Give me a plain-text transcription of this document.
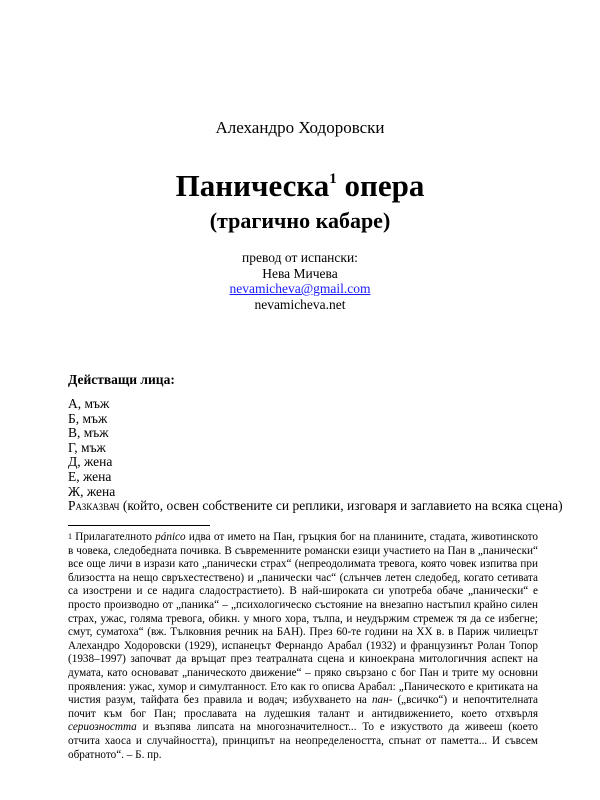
Алехандро Ходоровски
Паническа$^1$ опера
(трагично кабаре)
превод от испански:
Нева Мичева
nevamicheva@gmail.com
nevamicheva.net
Действащи лица:
А, мъж
Б, мъж
В, мъж
Г, мъж
Д, жена
Е, жена
Ж, жена
Разказвач (който, освен собствените си реплики, изговаря и заглавието на всяка сцена)
$^1$ Прилагателното pánico идва от името на Пан, гръцкия бог на планините, стадата, животинското в човека, следобедната почивка. В съвременните романски езици участието на Пан в „панически“ все още личи в изрази като „панически страх“ (непреодолимата тревога, която човек изпитва при близостта на нещо свръхестествено) и „панически час“ (слънчев летен следобед, когато сетивата са изострени и се надига сладострастието). В най-широката си употреба обаче „панически“ е просто производно от „паника“ – „психологическо състояние на внезапно настъпил крайно силен страх, ужас, голяма тревога, обикн. у много хора, тълпа, и неудържим стремеж тя да се избегне; смут, суматоха“ (вж. Тълковния речник на БАН). През 60-те години на XX в. в Париж чилиецът Алехандро Ходоровски (1929), испанецът Фернандо Арабал (1932) и французинът Ролан Топор (1938–1997) започват да връщат през театралната сцена и киноекрана митологичния аспект на думата, като основават „паническото движение“ – пряко свързано с бог Пан и трите му основни проявления: ужас, хумор и симултанност. Ето как го описва Арабал: „Паническото е критиката на чистия разум, тайфата без правила и водач; избухването на пан- („всичко“) и непочтителната почит към бог Пан; прославата на лудешкия талант и антидвижението, което отхвърля сериозността и възпява липсата на многозначителност... То е изкуството да живееш (което отчита хаоса и случайността), принципът на неопределеността, спънат от паметта... И съвсем обратното“. – Б. пр.
